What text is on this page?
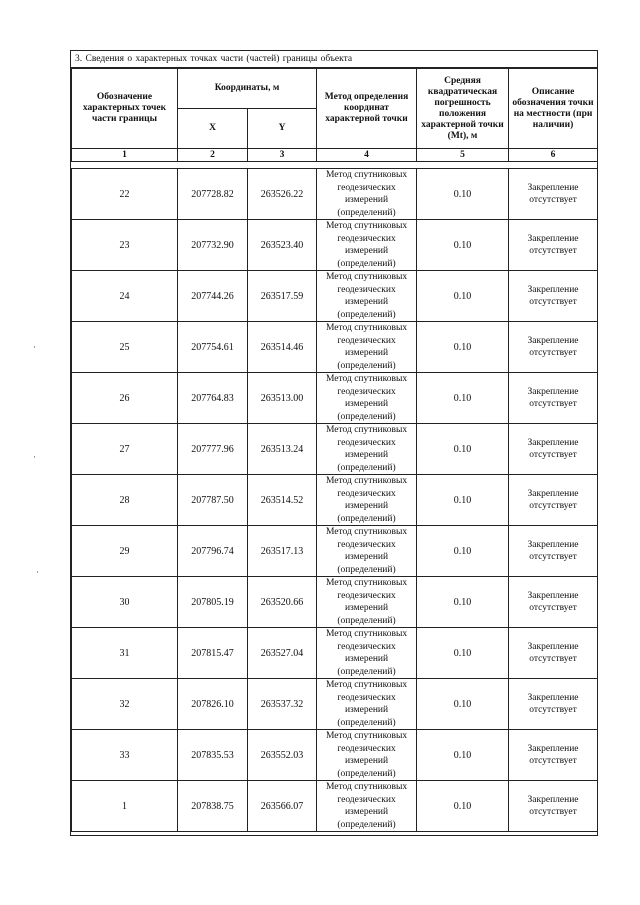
3. Сведения о характерных точках части (частей) границы объекта
Обозначение характерных точек части границы	Координаты, м		Метод определения координат характерной точки	Средняя квадратическая погрешность положения характерной точки (Mt), м	Описание обозначения точки на местности (при наличии)
	X	Y			
1	2	3	4	5	6

22	207728.82	263526.22	Метод спутниковых геодезических измерений (определений)	0.10	Закрепление отсутствует
23	207732.90	263523.40	Метод спутниковых геодезических измерений (определений)	0.10	Закрепление отсутствует
24	207744.26	263517.59	Метод спутниковых геодезических измерений (определений)	0.10	Закрепление отсутствует
25	207754.61	263514.46	Метод спутниковых геодезических измерений (определений)	0.10	Закрепление отсутствует
26	207764.83	263513.00	Метод спутниковых геодезических измерений (определений)	0.10	Закрепление отсутствует
27	207777.96	263513.24	Метод спутниковых геодезических измерений (определений)	0.10	Закрепление отсутствует
28	207787.50	263514.52	Метод спутниковых геодезических измерений (определений)	0.10	Закрепление отсутствует
29	207796.74	263517.13	Метод спутниковых геодезических измерений (определений)	0.10	Закрепление отсутствует
30	207805.19	263520.66	Метод спутниковых геодезических измерений (определений)	0.10	Закрепление отсутствует
31	207815.47	263527.04	Метод спутниковых геодезических измерений (определений)	0.10	Закрепление отсутствует
32	207826.10	263537.32	Метод спутниковых геодезических измерений (определений)	0.10	Закрепление отсутствует
33	207835.53	263552.03	Метод спутниковых геодезических измерений (определений)	0.10	Закрепление отсутствует
1	207838.75	263566.07	Метод спутниковых геодезических измерений (определений)	0.10	Закрепление отсутствует
·
·
·
